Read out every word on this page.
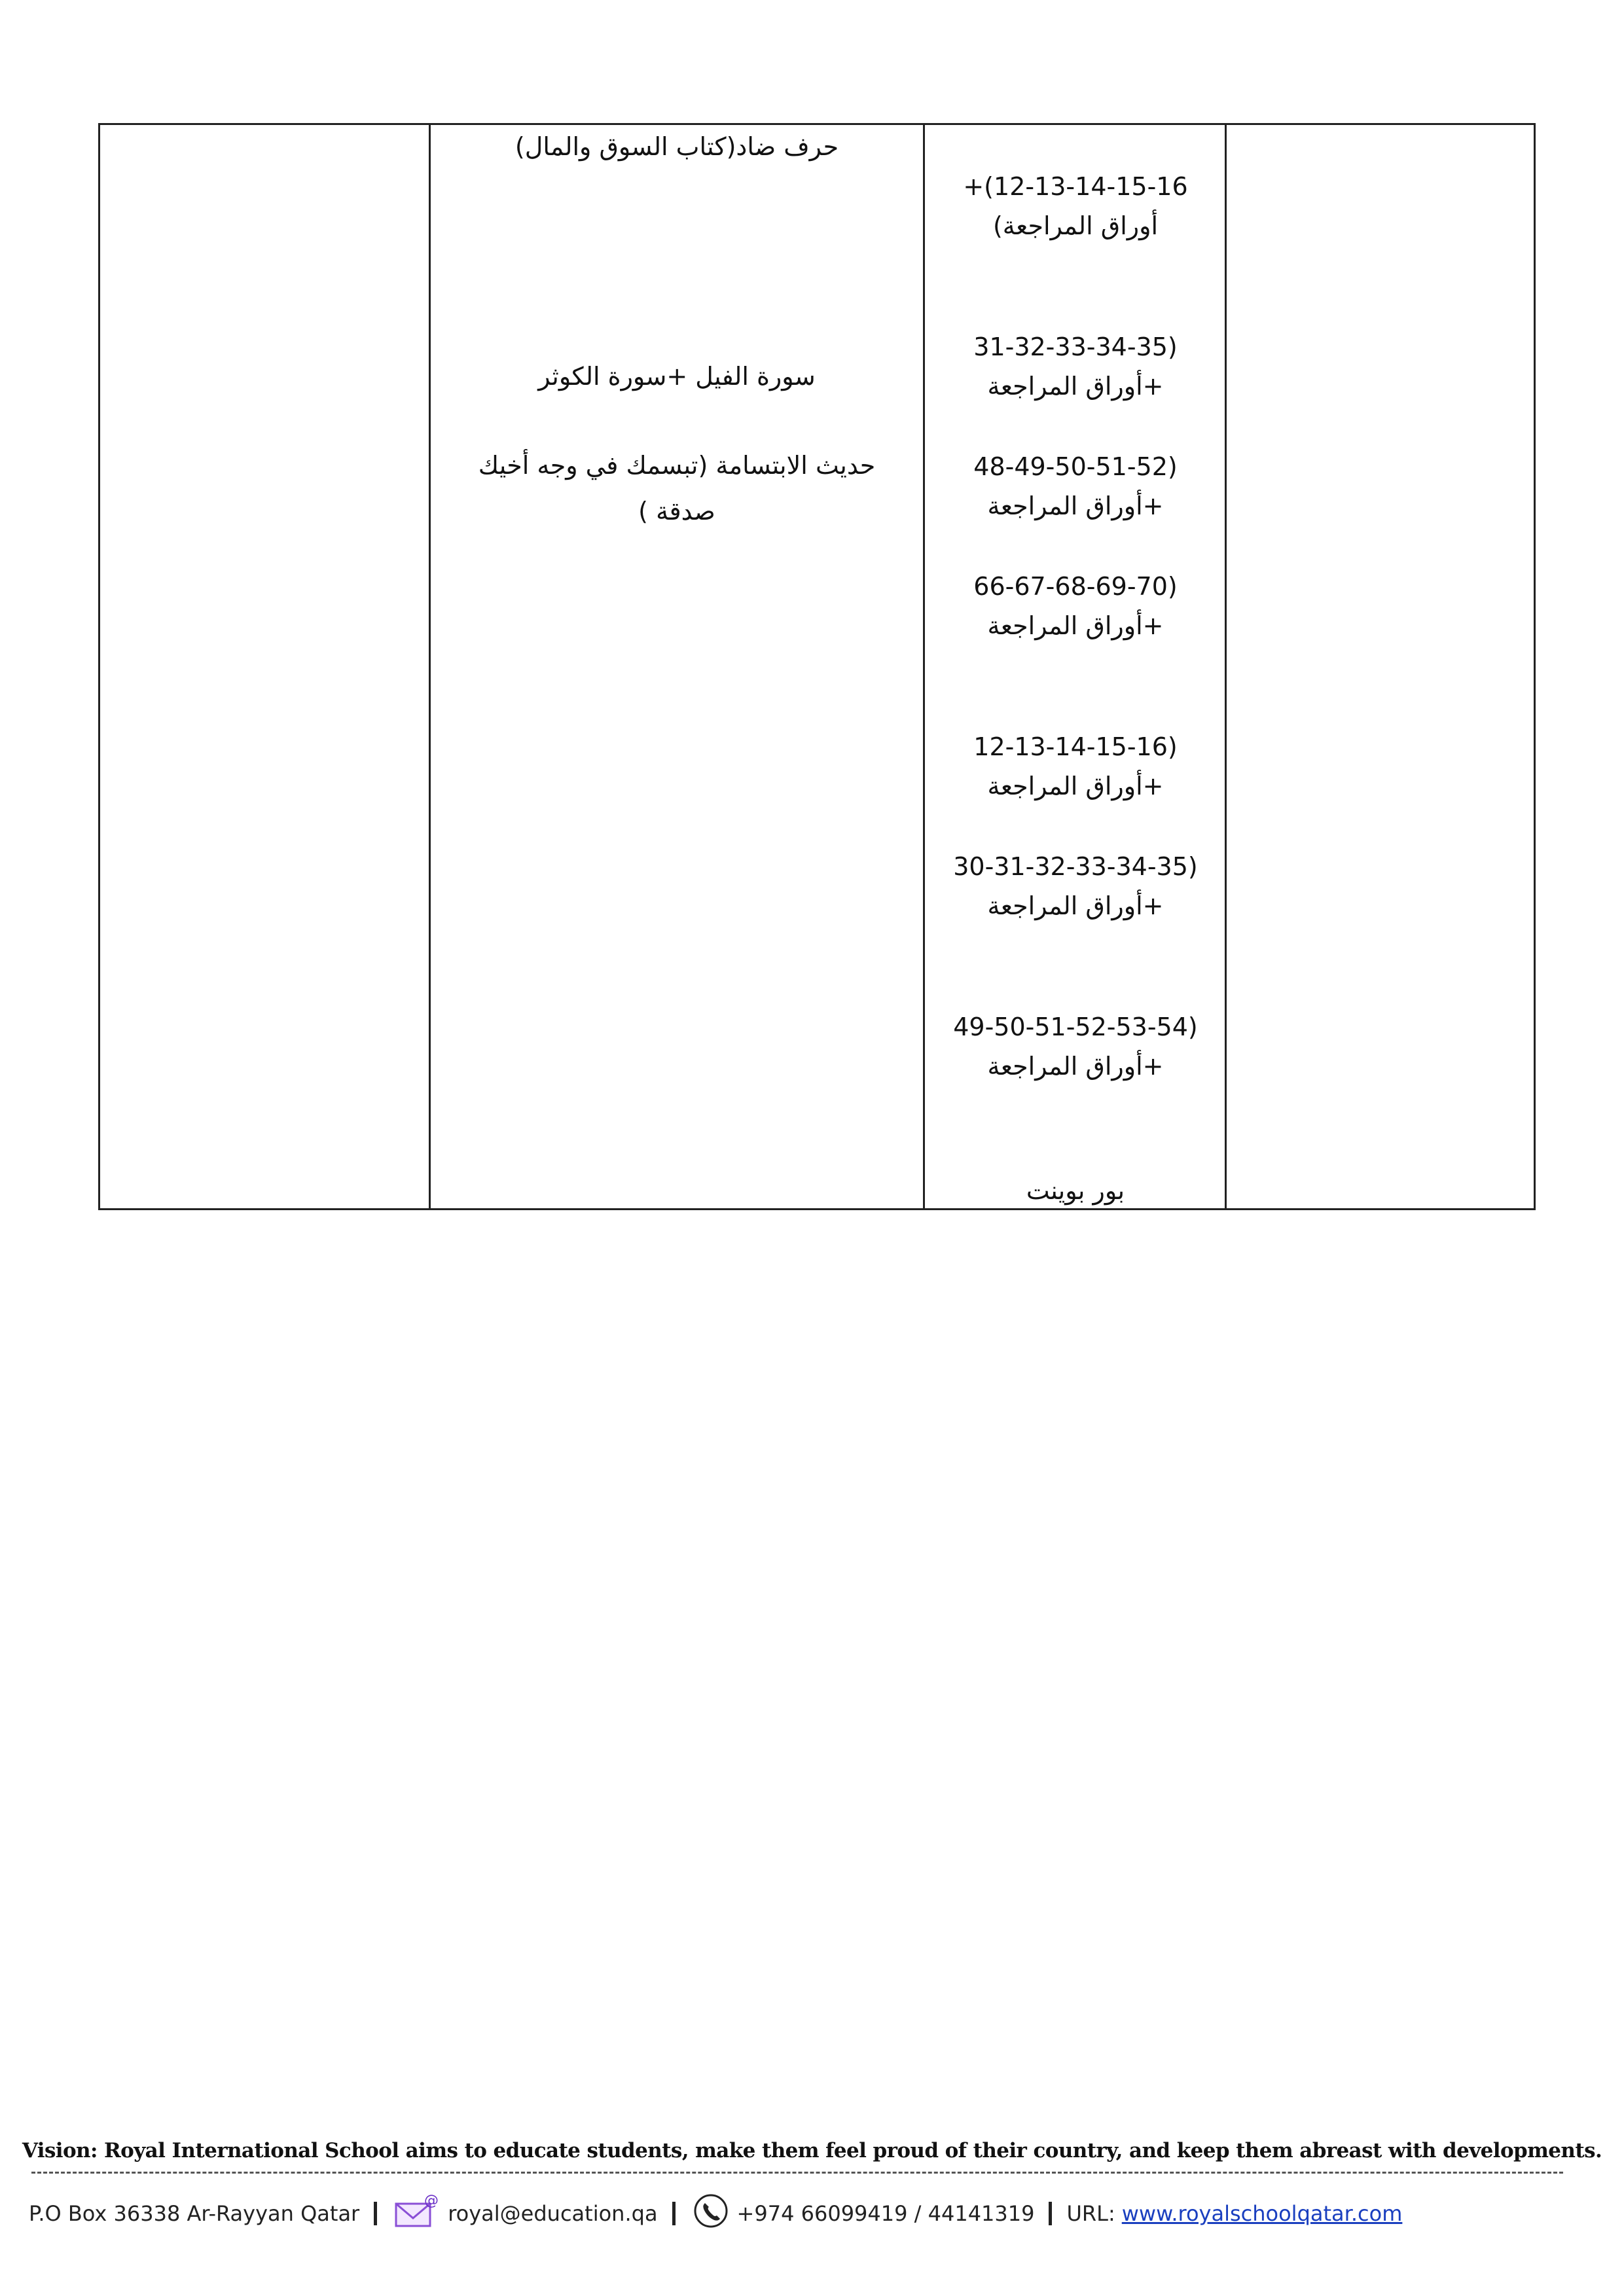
حرف ضاد(كتاب السوق والمال)
سورة الفيل +سورة الكوثر
حديث الابتسامة (تبسمك في وجه أخيك
صدقة )
12-13-14-15-16)+
أوراق المراجعة)
(31-32-33-34-35
+أوراق المراجعة
(48-49-50-51-52
+أوراق المراجعة
(66-67-68-69-70
+أوراق المراجعة
(12-13-14-15-16
+أوراق المراجعة
(30-31-32-33-34-35
+أوراق المراجعة
(49-50-51-52-53-54
+أوراق المراجعة
بور بوينت
Vision: Royal International School aims to educate students, make them feel proud of their country, and keep them abreast with developments.
P.O Box 36338 Ar-Rayyan Qatar
@
royal@education.qa	+974 66099419 / 44141319 URL: www.royalschoolqatar.com
